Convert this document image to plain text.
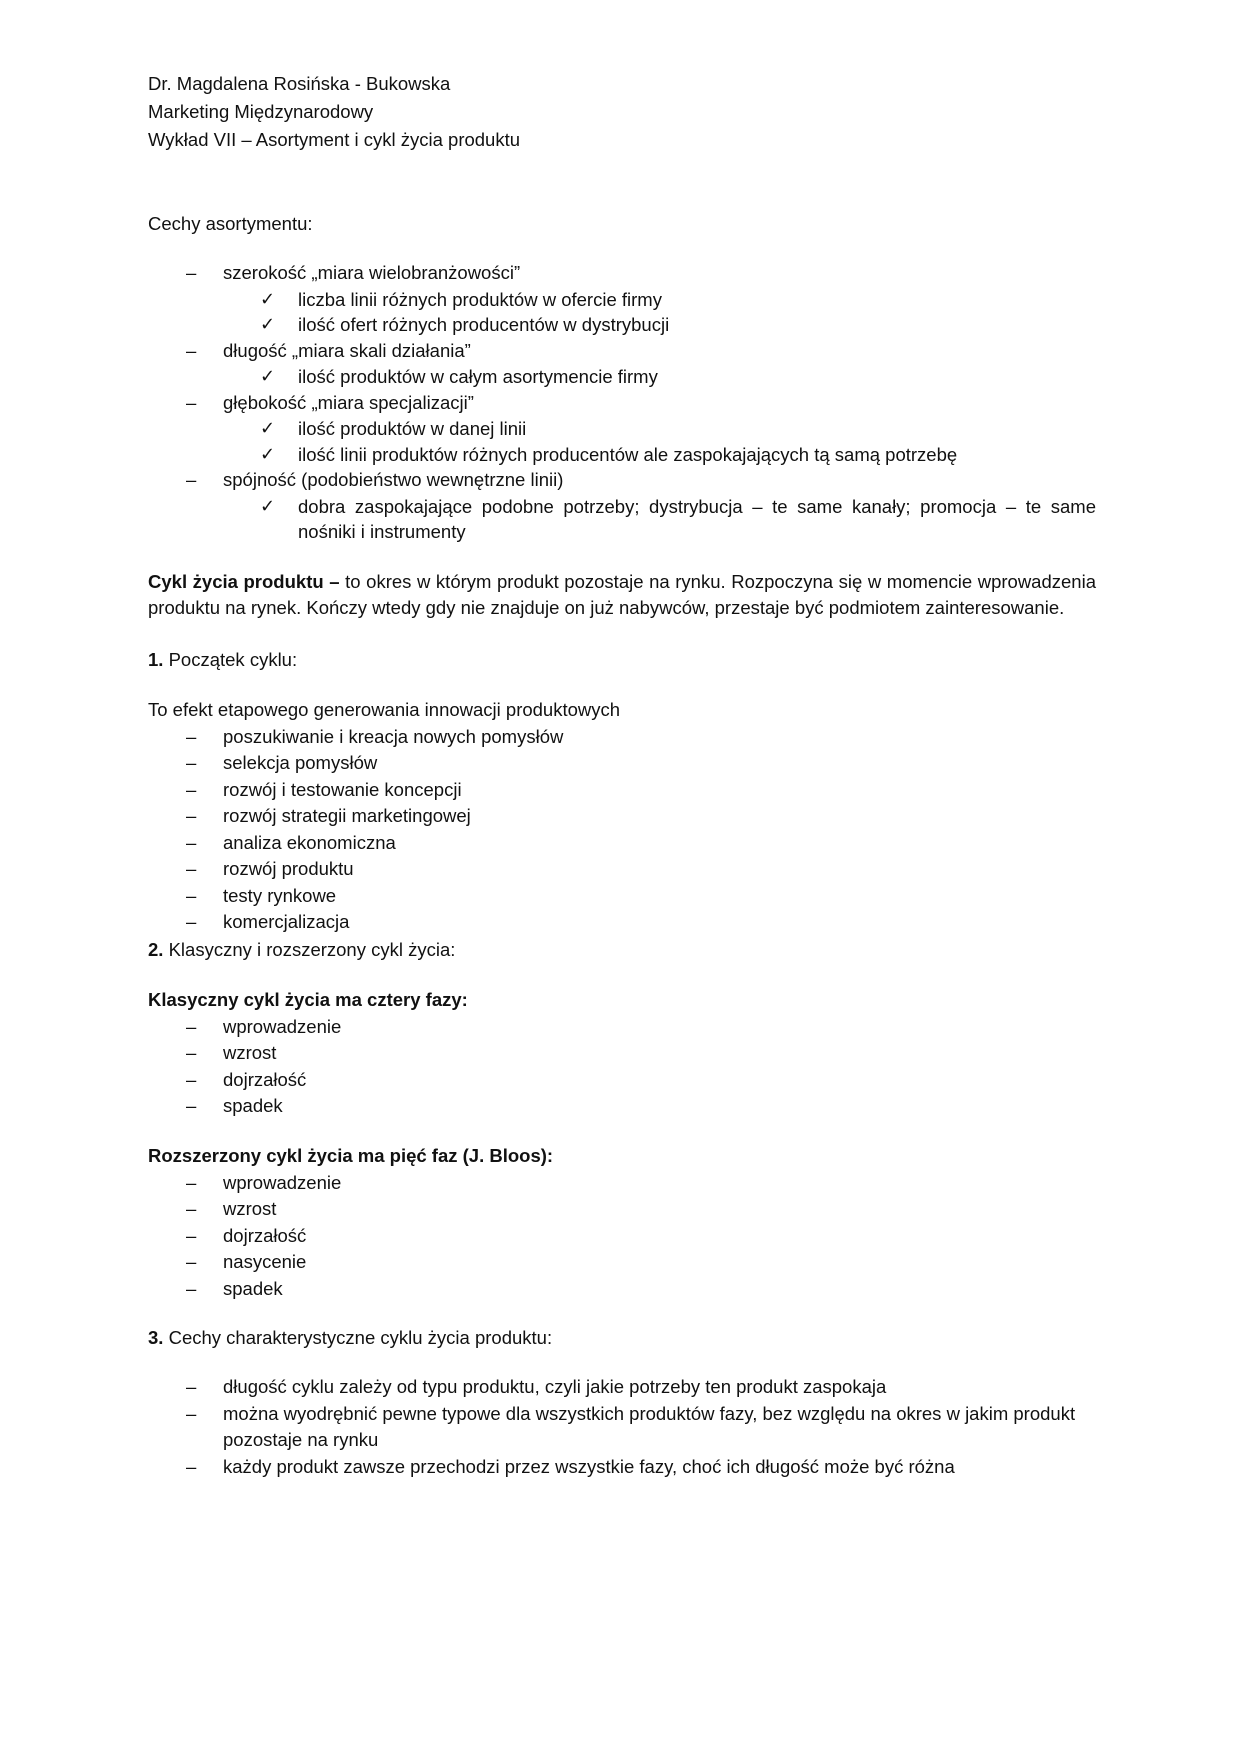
Dr. Magdalena Rosińska - Bukowska

Marketing Międzynarodowy

Wykład VII – Asortyment i cykl życia produktu

Cechy asortymentu:

– szerokość „miara wielobranżowości”
✓ liczba linii różnych produktów w ofercie firmy
✓ ilość ofert różnych producentów w dystrybucji
– długość „miara skali działania”
✓ ilość produktów w całym asortymencie firmy
– głębokość „miara specjalizacji”
✓ ilość produktów w danej linii
✓ ilość linii produktów różnych producentów ale zaspokajających tą samą potrzebę
– spójność (podobieństwo wewnętrzne linii)
✓ dobra zaspokajające podobne potrzeby; dystrybucja – te same kanały; promocja – te same nośniki i instrumenty

Cykl życia produktu – to okres w którym produkt pozostaje na rynku. Rozpoczyna się w momencie wprowadzenia produktu na rynek. Kończy wtedy gdy nie znajduje on już nabywców, przestaje być podmiotem zainteresowanie.

1. Początek cyklu:

To efekt etapowego generowania innowacji produktowych

– poszukiwanie i kreacja nowych pomysłów
– selekcja pomysłów
– rozwój i testowanie koncepcji
– rozwój strategii marketingowej
– analiza ekonomiczna
– rozwój produktu
– testy rynkowe
– komercjalizacja

2. Klasyczny i rozszerzony cykl życia:

Klasyczny cykl życia ma cztery fazy:

– wprowadzenie
– wzrost
– dojrzałość
– spadek

Rozszerzony cykl życia ma pięć faz (J. Bloos):

– wprowadzenie
– wzrost
– dojrzałość
– nasycenie
– spadek

3. Cechy charakterystyczne cyklu życia produktu:

– długość cyklu zależy od typu produktu, czyli jakie potrzeby ten produkt zaspokaja
– można wyodrębnić pewne typowe dla wszystkich produktów fazy, bez względu na okres w jakim produkt pozostaje na rynku
– każdy produkt zawsze przechodzi przez wszystkie fazy, choć ich długość może być różna
